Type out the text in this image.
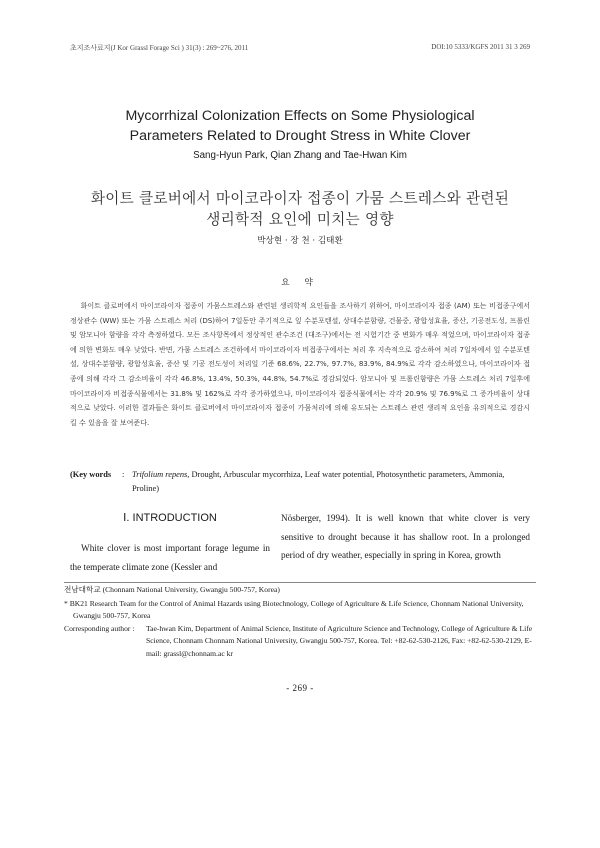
초지조사료지(J Kor Grassl Forage Sci ) 31(3) : 269~276, 2011	DOI:10 5333/KGFS 2011 31 3 269
Mycorrhizal Colonization Effects on Some Physiological
Parameters Related to Drought Stress in White Clover
Sang-Hyun Park, Qian Zhang and Tae-Hwan Kim
화이트 클로버에서 마이코라이자 접종이 가뭄 스트레스와 관련된
생리학적 요인에 미치는 영향
박상현 · 장 천 · 김태환
요 약

화이트 클로버에서 마이코라이자 접종이 가뭄스트레스와 관련된 생리학적 요인들을 조사하기 위하여, 마이코라이자 접종 (AM) 또는 비접종구에서 정상관수 (WW) 또는 가뭄 스트레스 처리 (DS)하여 7일동안 주기적으로 잎 수분포텐셜, 상대수분함량, 건물중, 광합성효율, 증산, 기공전도성, 프롤린 및 암모니아 함량을 각각 측정하였다. 모든 조사항목에서 정상적인 관수조건 (대조구)에서는 전 시험기간 중 변화가 매우 적었으며, 마이코라이자 접종에 의한 변화도 매우 낮았다. 반면, 가뭄 스트레스 조건하에서 마이코라이자 비접종구에서는 처리 후 지속적으로 감소하여 처리 7일차에서 잎 수분포텐셜, 상대수분함량, 광합성효율, 증산 및 기공 전도성이 처리일 기준 68.6%, 22.7%, 97.7%, 83.9%, 84.9%로 각각 감소하였으나, 마이코라이자 접종에 의해 각각 그 감소비율이 각각 46.8%, 13.4%, 50.3%, 44.8%, 54.7%로 경감되었다. 암모니아 및 프롤린함량은 가뭄 스트레스 처리 7일후에 마이코라이자 비접종식물에서는 31.8% 및 162%로 각각 증가하였으나, 마이코라이자 접종식물에서는 각각 20.9% 및 76.9%로 그 증가비율이 상대적으로 낮았다. 이러한 결과들은 화이트 클로버에서 마이코라이자 접종이 가뭄처리에 의해 유도되는 스트레스 관련 생리적 요인을 유의적으로 경감시킬 수 있음을 잘 보여준다.

(Key words	: Trifolium repens, Drought, Arbuscular mycorrhiza, Leaf water potential, Photosynthetic parameters, Ammonia, Proline)
Ⅰ. INTRODUCTION

White clover is most important forage legume in the temperate climate zone (Kessler and

Nösberger, 1994). It is well known that white clover is very sensitive to drought because it has shallow root. In a prolonged period of dry weather, especially in spring in Korea, growth

전남대학교 (Chonnam National University, Gwangju 500-757, Korea)

* BK21 Research Team for the Control of Animal Hazards using Biotechnology, College of Agriculture & Life Science, Chonnam National University, Gwangju 500-757, Korea

Corresponding author : Tae-hwan Kim, Department of Animal Science, Institute of Agriculture Science and Technology, College of Agriculture & Life Science, Chonnam Chonnam National University, Gwangju 500-757, Korea. Tel: +82-62-530-2126, Fax: +82-62-530-2129, E-mail: grassl@chonnam.ac kr
- 269 -
